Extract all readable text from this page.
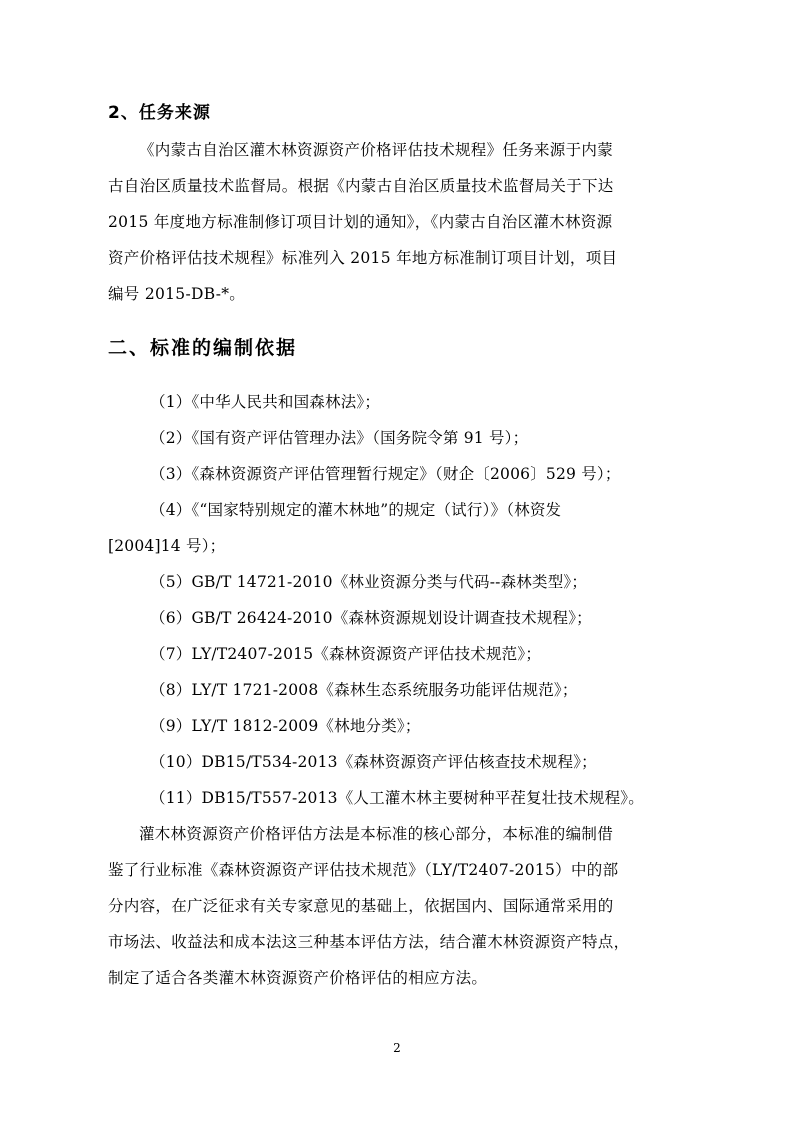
2、任务来源

《内蒙古自治区灌木林资源资产价格评估技术规程》任务来源于内蒙
古自治区质量技术监督局。根据《内蒙古自治区质量技术监督局关于下达
2015 年度地方标准制修订项目计划的通知》，《内蒙古自治区灌木林资源
资产价格评估技术规程》标准列入 2015 年地方标准制订项目计划，项目
编号 2015-DB-*。

二、标准的编制依据
（1）《中华人民共和国森林法》；
（2）《国有资产评估管理办法》（国务院令第 91 号）；
（3）《森林资源资产评估管理暂行规定》（财企〔2006〕529 号）；
（4）《“国家特别规定的灌木林地”的规定（试行）》（林资发
[2004]14 号）；
（5）GB/T 14721-2010《林业资源分类与代码--森林类型》；
（6）GB/T 26424-2010《森林资源规划设计调查技术规程》；
（7）LY/T2407-2015《森林资源资产评估技术规范》；
（8）LY/T 1721-2008《森林生态系统服务功能评估规范》；
（9）LY/T 1812-2009《林地分类》；
（10）DB15/T534-2013《森林资源资产评估核查技术规程》；
（11）DB15/T557-2013《人工灌木林主要树种平茬复壮技术规程》。

灌木林资源资产价格评估方法是本标准的核心部分，本标准的编制借
鉴了行业标准《森林资源资产评估技术规范》（LY/T2407-2015）中的部
分内容，在广泛征求有关专家意见的基础上，依据国内、国际通常采用的
市场法、收益法和成本法这三种基本评估方法，结合灌木林资源资产特点，
制定了适合各类灌木林资源资产价格评估的相应方法。

2
